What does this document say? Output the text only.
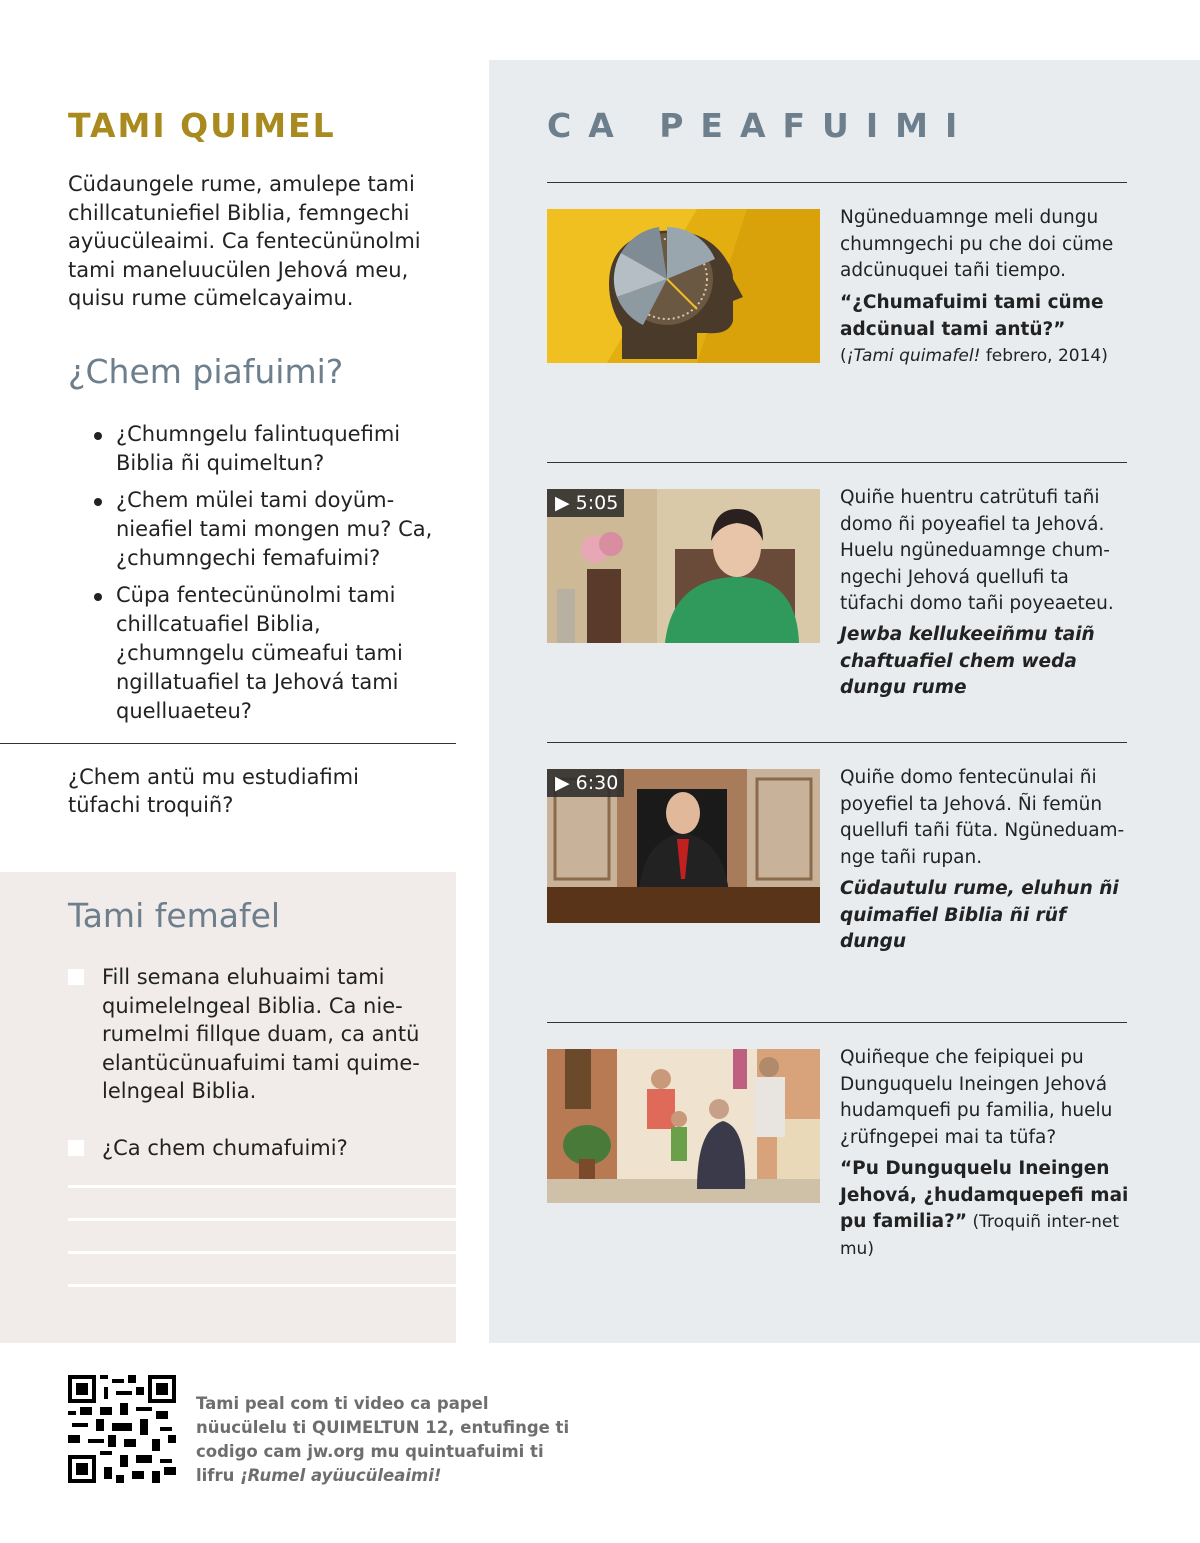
TAMI QUIMEL

Cüdaungele rume, amulepe tami chillcatuniefiel Biblia, femngechi ayüucüleaimi. Ca fentecününolmi tami maneluucülen Jehová meu, quisu rume cümelcayaimu.

¿Chem piafuimi?
¿Chumngelu falintuquefimi Biblia ñi quimeltun?
¿Chem mülei tami doyüm-nieafiel tami mongen mu? Ca, ¿chumngechi femafuimi?
Cüpa fentecününolmi tami chillcatuafiel Biblia, ¿chumngelu cümeafui tami ngillatuafiel ta Jehová tami quelluaeteu?

¿Chem antü mu estudiafimi tüfachi troquiñ?

Tami femafel
Fill semana eluhuaimi tami quimelelngeal Biblia. Ca nie-rumelmi fillque duam, ca antü elantücünuafuimi tami quime-lelngeal Biblia.
¿Ca chem chumafuimi?
CA PEAFUIMI

Ngüneduamnge meli dungu chumngechi pu che doi cüme adcünuquei tañi tiempo.

“¿Chumafuimi tami cüme adcünual tami antü?”
(¡Tami quimafel! febrero, 2014)

▶ 5:05	Quiñe huentru catrütufi tañi domo ñi poyeafiel ta Jehová. Huelu ngüneduamnge chum-ngechi Jehová quellufi ta tüfachi domo tañi poyeaeteu.

Jewba kellukeeiñmu taiñ chaftuafiel chem weda dungu rume

▶ 6:30	Quiñe domo fentecünulai ñi poyefiel ta Jehová. Ñi femün quellufi tañi füta. Ngüneduam-nge tañi rupan.

Cüdautulu rume, eluhun ñi quimafiel Biblia ñi rüf dungu

Quiñeque che feipiquei pu Dunguquelu Ineingen Jehová hudamquefi pu familia, huelu ¿rüfngepei mai ta tüfa?

“Pu Dunguquelu Ineingen Jehová, ¿hudamquepefi mai pu familia?” (Troquiñ inter-net mu)

Tami peal com ti video ca papel nüucülelu ti QUIMELTUN 12, entufinge ti codigo cam jw.org mu quintuafuimi ti lifru ¡Rumel ayüucüleaimi!
